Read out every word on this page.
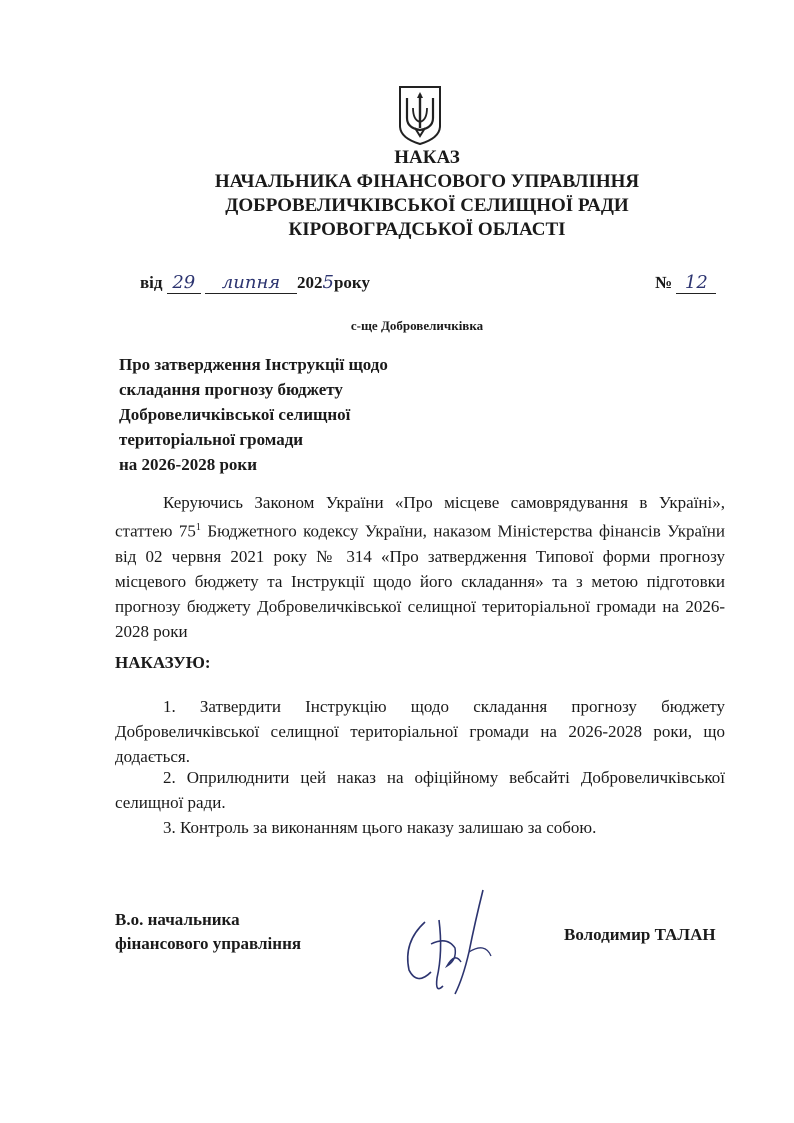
НАКАЗ
НАЧАЛЬНИКА ФІНАНСОВОГО УПРАВЛІННЯ
ДОБРОВЕЛИЧКІВСЬКОЇ СЕЛИЩНОЇ РАДИ
КІРОВОГРАДСЬКОЇ ОБЛАСТІ
від 29 липня 2025року	№ 12
с-ще Добровеличківка
Про затвердження Інструкції щодо
складання прогнозу бюджету
Добровеличківської селищної
територіальної громади
на 2026-2028 роки
Керуючись Законом України «Про місцеве самоврядування в Україні», статтею $75^1$ Бюджетного кодексу України, наказом Міністерства фінансів України від 02 червня 2021 року № 314 «Про затвердження Типової форми прогнозу місцевого бюджету та Інструкції щодо його складання» та з метою підготовки прогнозу бюджету Добровеличківської селищної територіальної громади на 2026-2028 роки
НАКАЗУЮ:
1. Затвердити Інструкцію щодо складання прогнозу бюджету Добровеличківської селищної територіальної громади на 2026-2028 роки, що додається.
2. Оприлюднити цей наказ на офіційному вебсайті Добровеличківської селищної ради.
3. Контроль за виконанням цього наказу залишаю за собою.
В.о. начальника
фінансового управління	Володимир ТАЛАН
